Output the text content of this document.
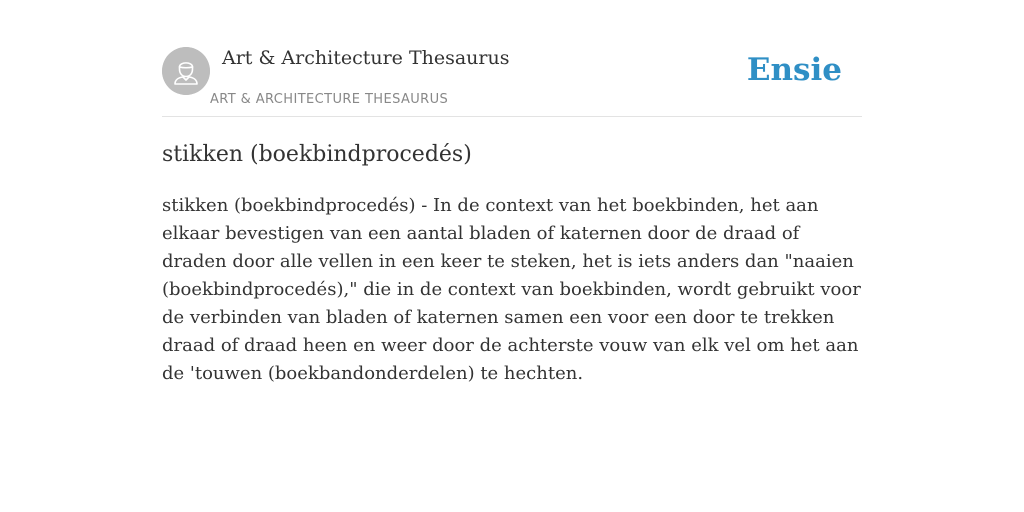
Art & Architecture Thesaurus
ART & ARCHITECTURE THESAURUS
Ensie
stikken (boekbindprocedés)

stikken (boekbindprocedés) - In de context van het boekbinden, het aan elkaar bevestigen van een aantal bladen of katernen door de draad of draden door alle vellen in een keer te steken, het is iets anders dan "naaien (boekbindprocedés)," die in de context van boekbinden, wordt gebruikt voor de verbinden van bladen of katernen samen een voor een door te trekken draad of draad heen en weer door de achterste vouw van elk vel om het aan de 'touwen (boekbandonderdelen) te hechten.
